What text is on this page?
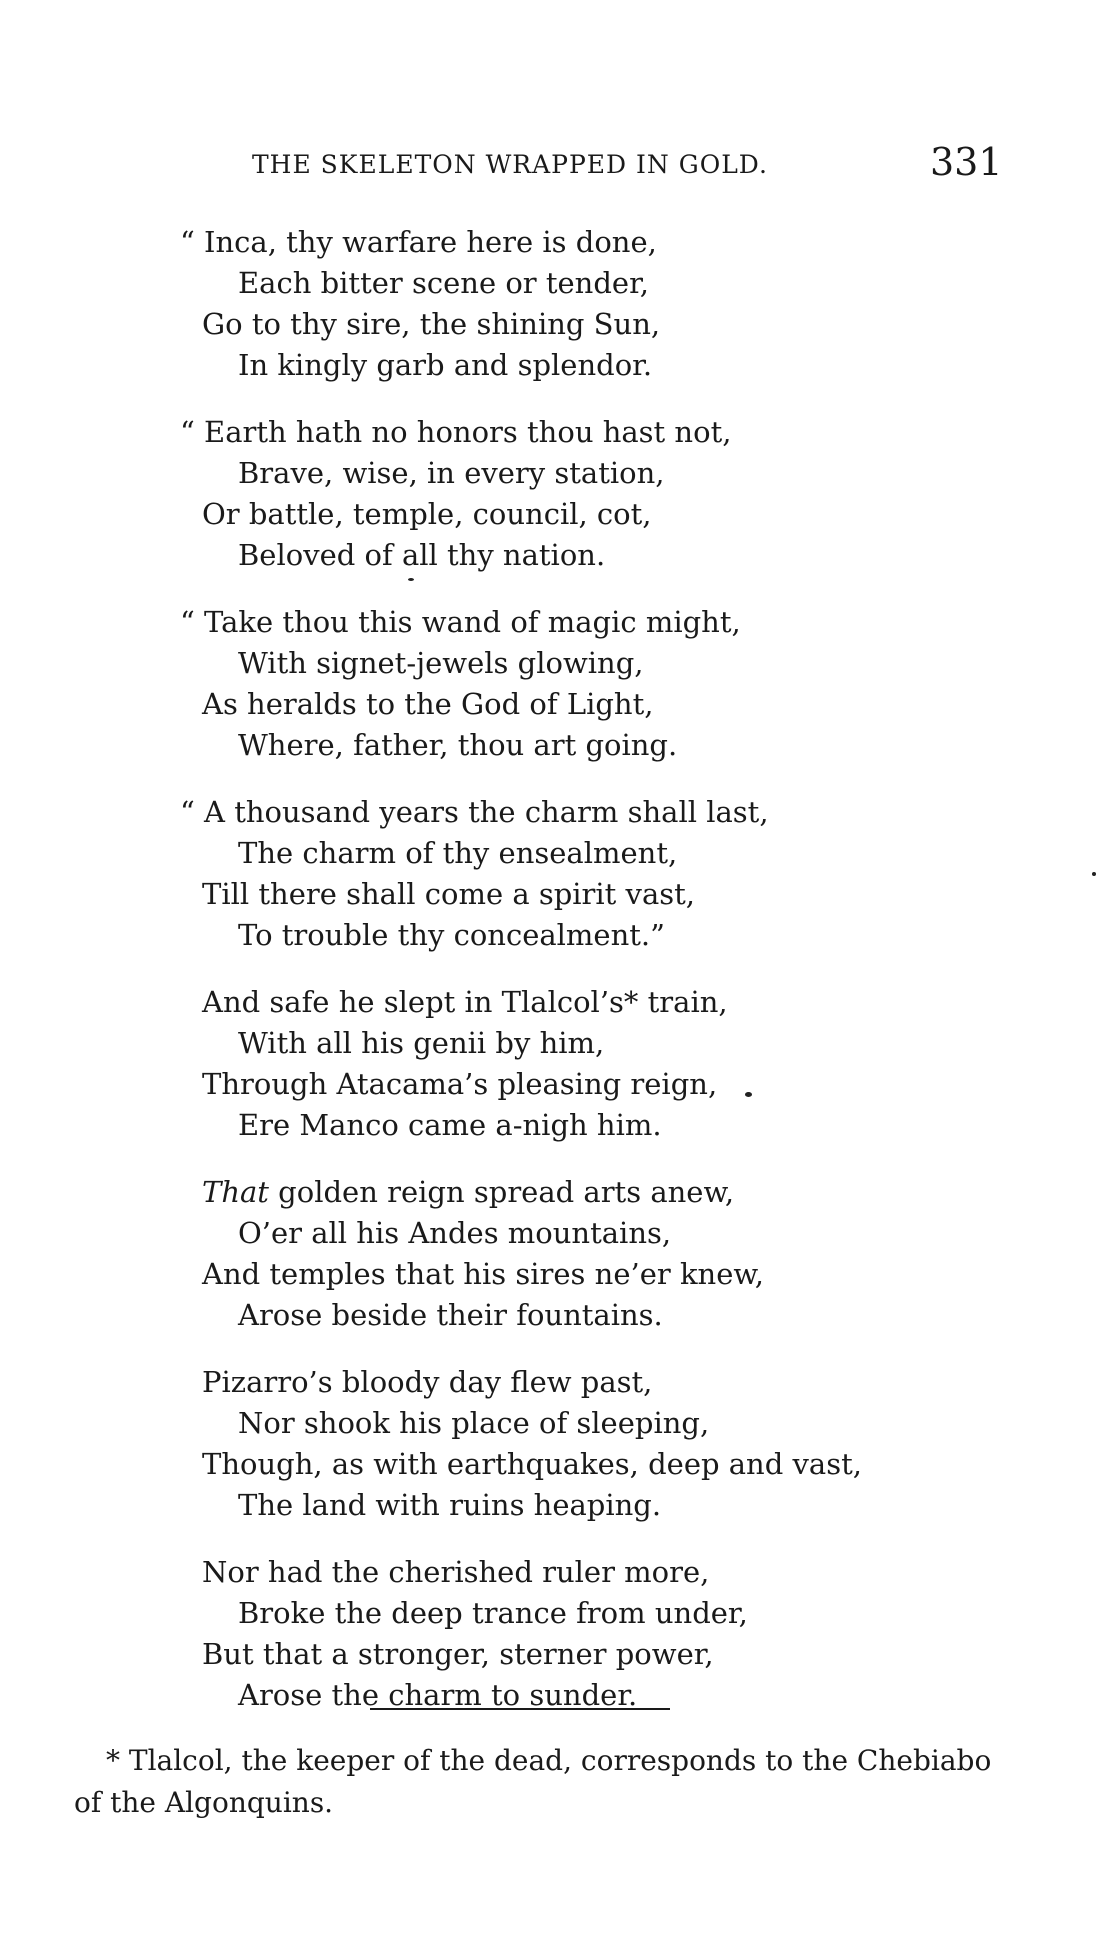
THE SKELETON WRAPPED IN GOLD.	331
“ Inca, thy warfare here is done,
Each bitter scene or tender,
Go to thy sire, the shining Sun,
In kingly garb and splendor.
“ Earth hath no honors thou hast not,
Brave, wise, in every station,
Or battle, temple, council, cot,
Beloved of all thy nation.
“ Take thou this wand of magic might,
With signet-jewels glowing,
As heralds to the God of Light,
Where, father, thou art going.
“ A thousand years the charm shall last,
The charm of thy ensealment,
Till there shall come a spirit vast,
To trouble thy concealment.”
And safe he slept in Tlalcol’s* train,
With all his genii by him,
Through Atacama’s pleasing reign,
Ere Manco came a-nigh him.
That golden reign spread arts anew,
O’er all his Andes mountains,
And temples that his sires ne’er knew,
Arose beside their fountains.
Pizarro’s bloody day flew past,
Nor shook his place of sleeping,
Though, as with earthquakes, deep and vast,
The land with ruins heaping.
Nor had the cherished ruler more,
Broke the deep trance from under,
But that a stronger, sterner power,
Arose the charm to sunder.
* Tlalcol, the keeper of the dead, corresponds to the Chebiabo of the Algonquins.
